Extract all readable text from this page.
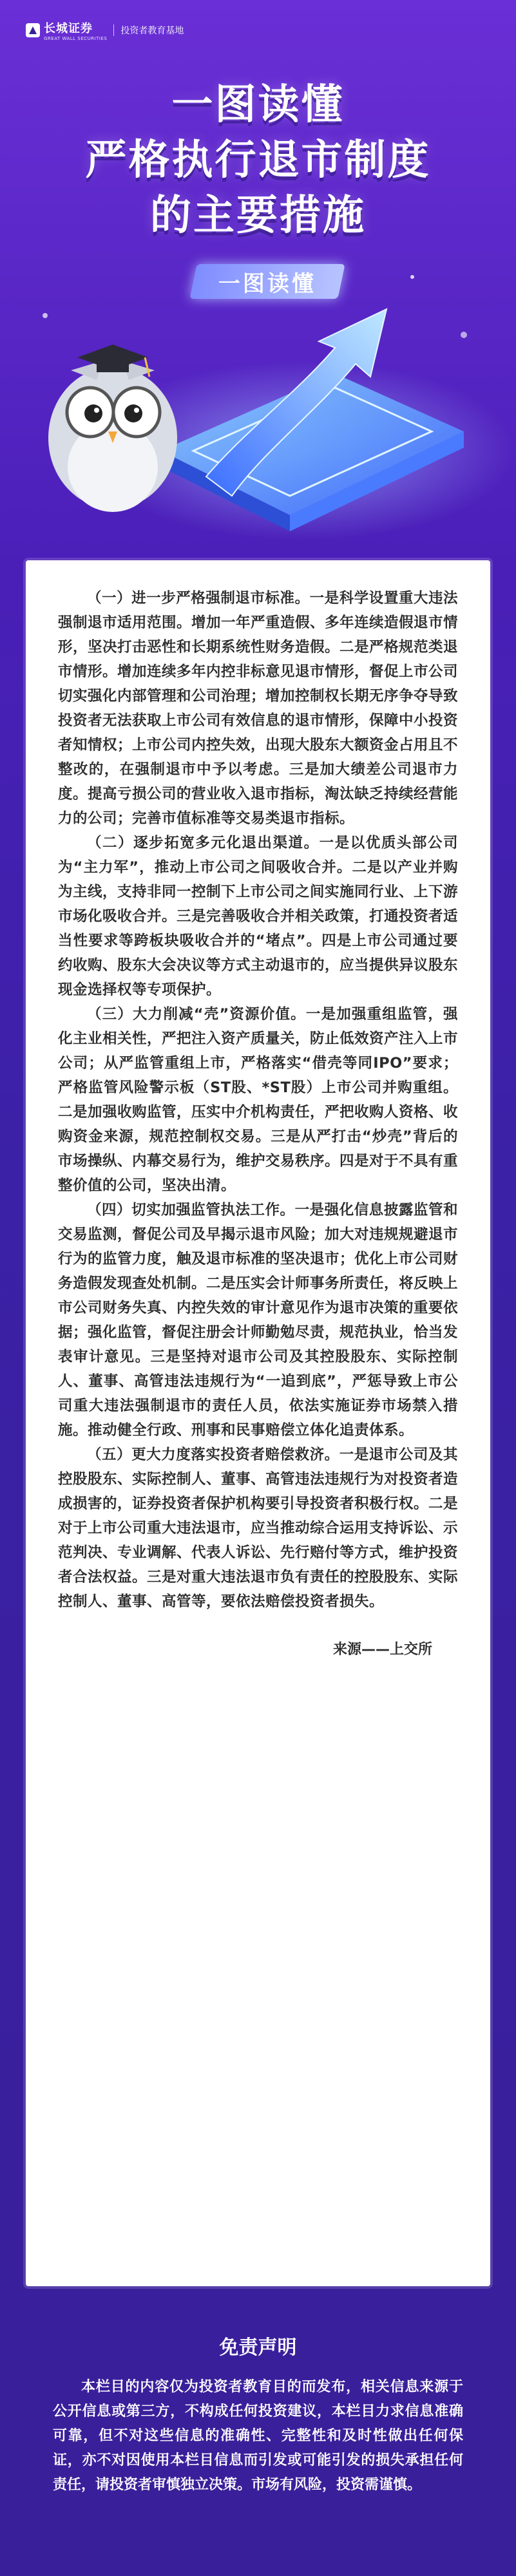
长城证券
GREAT WALL SECURITIES
投资者教育基地
一图读懂
严格执行退市制度
的主要措施
一图读懂

（一）进一步严格强制退市标准。一是科学设置重大违法强制退市适用范围。增加一年严重造假、多年连续造假退市情形，坚决打击恶性和长期系统性财务造假。二是严格规范类退市情形。增加连续多年内控非标意见退市情形，督促上市公司切实强化内部管理和公司治理；增加控制权长期无序争夺导致投资者无法获取上市公司有效信息的退市情形，保障中小投资者知情权；上市公司内控失效，出现大股东大额资金占用且不整改的，在强制退市中予以考虑。三是加大绩差公司退市力度。提高亏损公司的营业收入退市指标，淘汰缺乏持续经营能力的公司；完善市值标准等交易类退市指标。

（二）逐步拓宽多元化退出渠道。一是以优质头部公司为“主力军”，推动上市公司之间吸收合并。二是以产业并购为主线，支持非同一控制下上市公司之间实施同行业、上下游市场化吸收合并。三是完善吸收合并相关政策，打通投资者适当性要求等跨板块吸收合并的“堵点”。四是上市公司通过要约收购、股东大会决议等方式主动退市的，应当提供异议股东现金选择权等专项保护。

（三）大力削减“壳”资源价值。一是加强重组监管，强化主业相关性，严把注入资产质量关，防止低效资产注入上市公司；从严监管重组上市，严格落实“借壳等同IPO”要求；严格监管风险警示板（ST股、*ST股）上市公司并购重组。二是加强收购监管，压实中介机构责任，严把收购人资格、收购资金来源，规范控制权交易。三是从严打击“炒壳”背后的市场操纵、内幕交易行为，维护交易秩序。四是对于不具有重整价值的公司，坚决出清。

（四）切实加强监管执法工作。一是强化信息披露监管和交易监测，督促公司及早揭示退市风险；加大对违规规避退市行为的监管力度，触及退市标准的坚决退市；优化上市公司财务造假发现查处机制。二是压实会计师事务所责任，将反映上市公司财务失真、内控失效的审计意见作为退市决策的重要依据；强化监管，督促注册会计师勤勉尽责，规范执业，恰当发表审计意见。三是坚持对退市公司及其控股股东、实际控制人、董事、高管违法违规行为“一追到底”，严惩导致上市公司重大违法强制退市的责任人员，依法实施证券市场禁入措施。推动健全行政、刑事和民事赔偿立体化追责体系。

（五）更大力度落实投资者赔偿救济。一是退市公司及其控股股东、实际控制人、董事、高管违法违规行为对投资者造成损害的，证券投资者保护机构要引导投资者积极行权。二是对于上市公司重大违法退市，应当推动综合运用支持诉讼、示范判决、专业调解、代表人诉讼、先行赔付等方式，维护投资者合法权益。三是对重大违法退市负有责任的控股股东、实际控制人、董事、高管等，要依法赔偿投资者损失。

来源——上交所
免责声明
本栏目的内容仅为投资者教育目的而发布，相关信息来源于公开信息或第三方，不构成任何投资建议，本栏目力求信息准确可靠，但不对这些信息的准确性、完整性和及时性做出任何保证，亦不对因使用本栏目信息而引发或可能引发的损失承担任何责任，请投资者审慎独立决策。市场有风险，投资需谨慎。
